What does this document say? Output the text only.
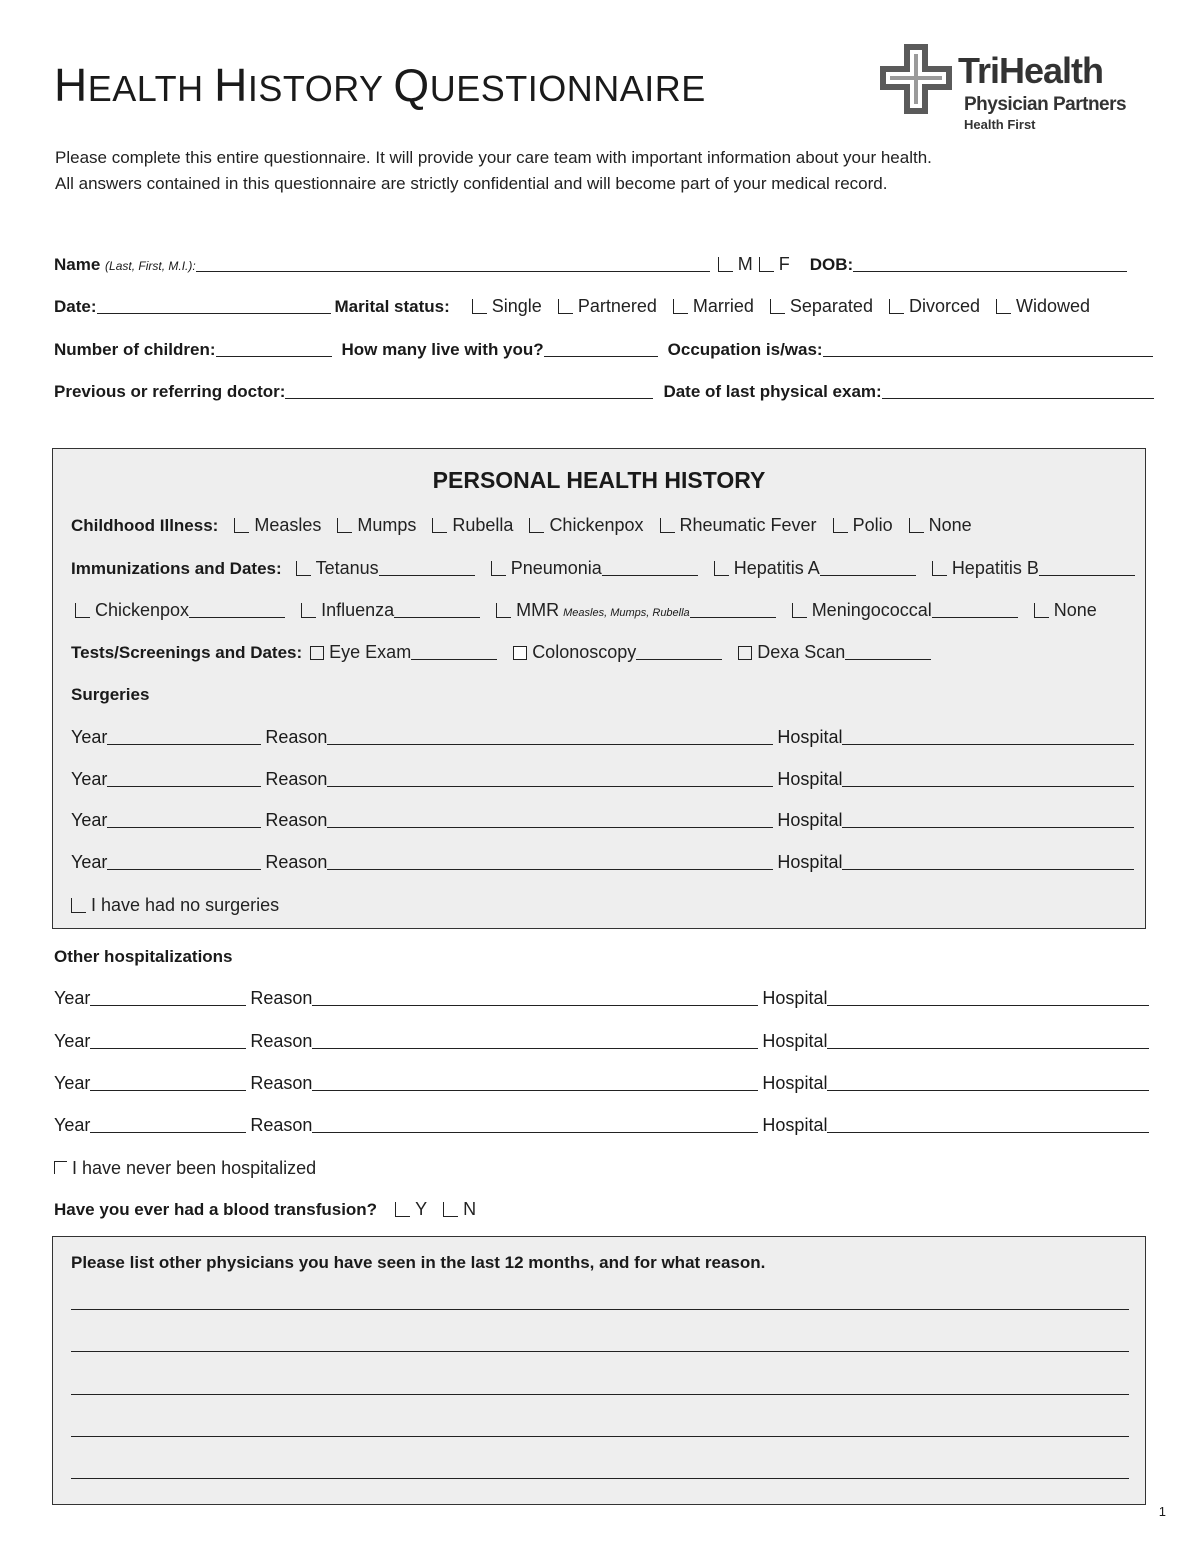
HEALTH HISTORY QUESTIONNAIRE	TriHealth
Physician Partners
Health First
Please complete this entire questionnaire. It will provide your care team with important information about your health.
All answers contained in this questionnaire are strictly confidential and will become part of your medical record.
Name (Last, First, M.I.):	M F DOB:
Date:	Marital status: Single Partnered Married Separated Divorced Widowed
Number of children:	How many live with you?	Occupation is/was:
Previous or referring doctor:	Date of last physical exam:
PERSONAL HEALTH HISTORY
Childhood Illness: Measles Mumps Rubella Chickenpox Rheumatic Fever Polio None
Immunizations and Dates: Tetanus	Pneumonia	Hepatitis A	Hepatitis B
Chickenpox	Influenza	MMR Measles, Mumps, Rubella	Meningococcal	None
Tests/Screenings and Dates: Eye Exam	Colonoscopy	Dexa Scan
Surgeries
Year	Reason	Hospital
Year	Reason	Hospital
Year	Reason	Hospital
Year	Reason	Hospital
I have had no surgeries
Other hospitalizations
Year	Reason	Hospital
Year	Reason	Hospital
Year	Reason	Hospital
Year	Reason	Hospital
I have never been hospitalized
Have you ever had a blood transfusion? Y N
Please list other physicians you have seen in the last 12 months, and for what reason.
1
